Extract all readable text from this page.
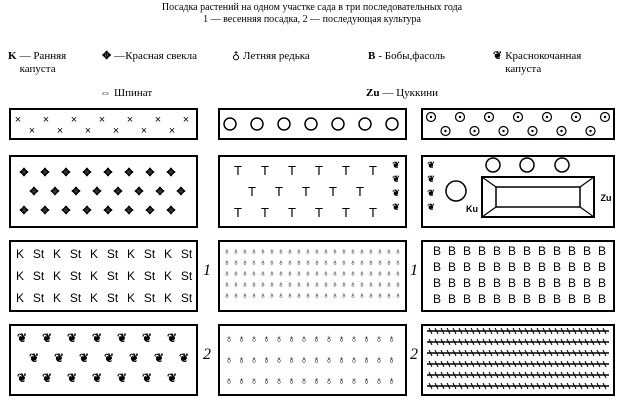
Посадка растений на одном участке сада в три последовательных года
1 — весенняя посадка, 2 — последующая культура
K — Ранняя капуста
✥ —Красная свекла	♁ Летняя редька	B - Бобы,фасоль	❦ Краснокочанная капуста
⇔ Шпинат	Zu — Цуккини
1	1
2	2
×
×
×
×
×
×
×
×
×
×
×
×
×
✥ ✥ ✥ ✥ ✥ ✥ ✥ ✥
✥ ✥ ✥ ✥ ✥ ✥ ✥ ✥
✥ ✥ ✥ ✥ ✥ ✥ ✥ ✥
T T T T T T
T T T T T
T T T T T T
❦
❦
❦
❦
❦
❦
❦
❦	Ku
Zu
K St K St K St K St K St
K St K St K St K St K St
K St K St K St K St K St
♁ ♁ ♁ ♁ ♁ ♁ ♁ ♁ ♁ ♁ ♁ ♁ ♁ ♁ ♁ ♁ ♁ ♁ ♁ ♁
♁ ♁ ♁ ♁ ♁ ♁ ♁ ♁ ♁ ♁ ♁ ♁ ♁ ♁ ♁ ♁ ♁ ♁ ♁ ♁
♁ ♁ ♁ ♁ ♁ ♁ ♁ ♁ ♁ ♁ ♁ ♁ ♁ ♁ ♁ ♁ ♁ ♁ ♁ ♁
♁ ♁ ♁ ♁ ♁ ♁ ♁ ♁ ♁ ♁ ♁ ♁ ♁ ♁ ♁ ♁ ♁ ♁ ♁ ♁
♁ ♁ ♁ ♁ ♁ ♁ ♁ ♁ ♁ ♁ ♁ ♁ ♁ ♁ ♁ ♁ ♁ ♁ ♁ ♁
B B B B B B B B B B B B
B B B B B B B B B B B B
B B B B B B B B B B B B
B B B B B B B B B B B B
❦ ❦ ❦ ❦ ❦ ❦ ❦
❦ ❦ ❦ ❦ ❦ ❦ ❦
❦ ❦ ❦ ❦ ❦ ❦ ❦
♁ ♁ ♁ ♁ ♁ ♁ ♁ ♁ ♁ ♁ ♁ ♁ ♁ ♁
♁ ♁ ♁ ♁ ♁ ♁ ♁ ♁ ♁ ♁ ♁ ♁ ♁ ♁
♁ ♁ ♁ ♁ ♁ ♁ ♁ ♁ ♁ ♁ ♁ ♁ ♁ ♁
